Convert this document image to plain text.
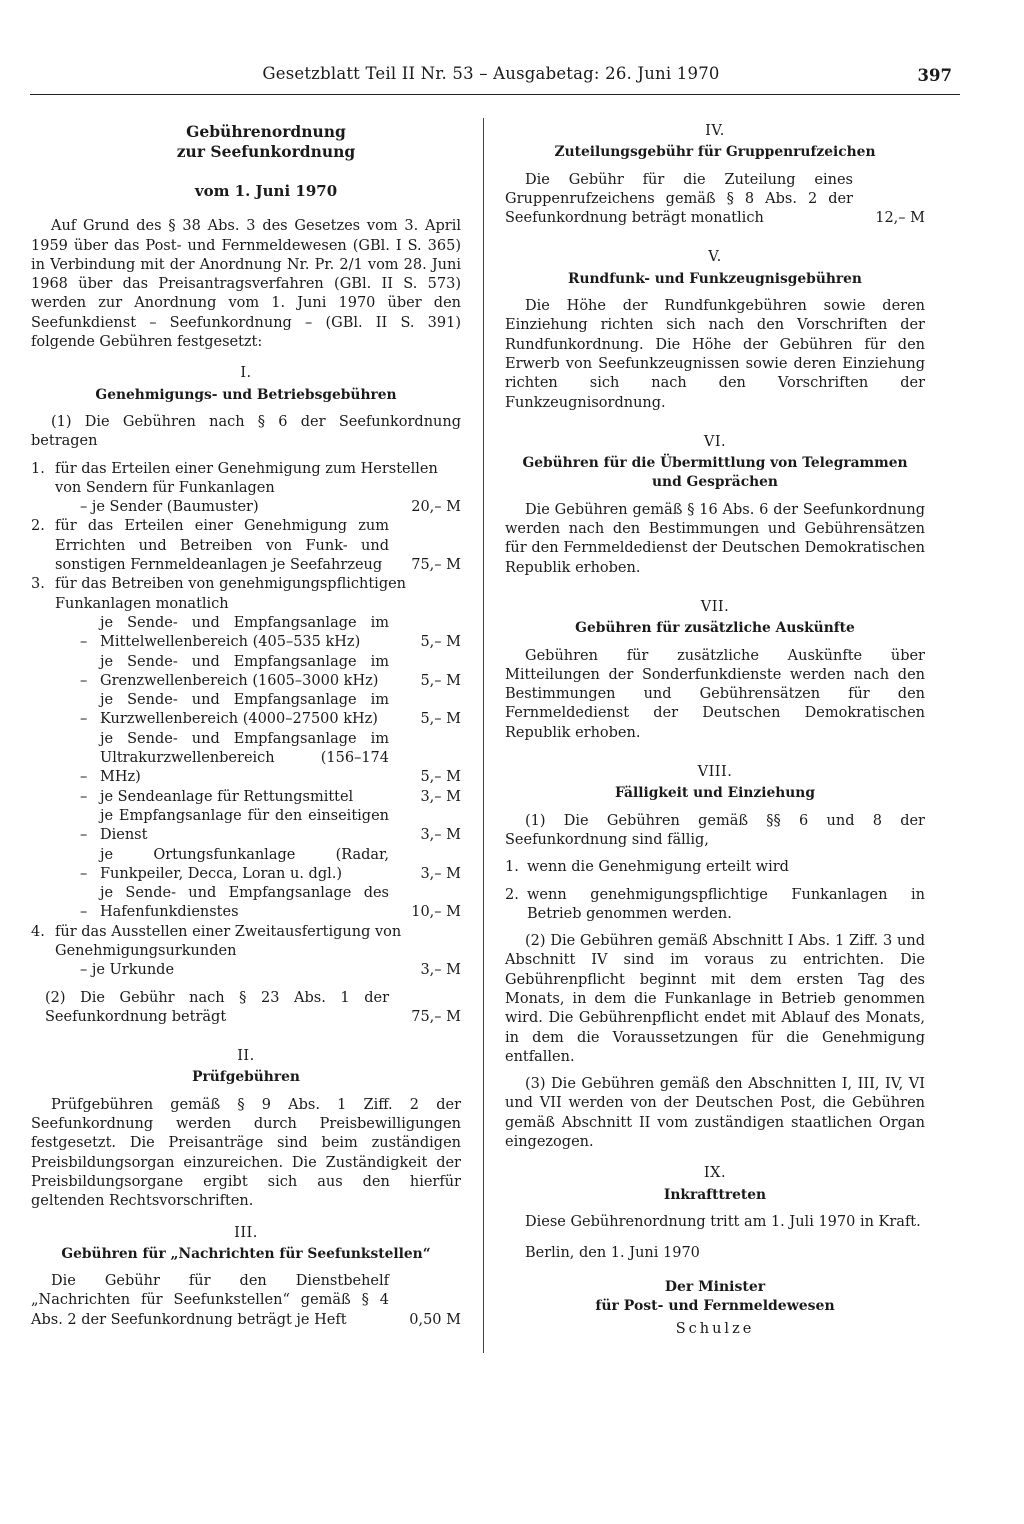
Gesetzblatt Teil II Nr. 53 – Ausgabetag: 26. Juni 1970	397
Gebührenordnung
zur Seefunkordnung
vom 1. Juni 1970

Auf Grund des § 38 Abs. 3 des Gesetzes vom 3. April 1959 über das Post- und Fernmeldewesen (GBl. I S. 365) in Verbindung mit der Anordnung Nr. Pr. 2/1 vom 28. Juni 1968 über das Preisantragsverfahren (GBl. II S. 573) werden zur Anordnung vom 1. Juni 1970 über den Seefunkdienst – Seefunkordnung – (GBl. II S. 391) folgende Gebühren festgesetzt:

I.
Genehmigungs- und Betriebsgebühren

(1) Die Gebühren nach § 6 der Seefunkordnung betragen

1. für das Erteilen einer Genehmigung zum Herstellen von Sendern für Funkanlagen
– je Sender (Baumuster)	20,– M
2. für das Erteilen einer Genehmigung zum Errichten und Betreiben von Funk- und sonstigen Fernmeldeanlagen je Seefahrzeug	75,– M
3. für das Betreiben von genehmigungspflichtigen Funkanlagen monatlich
–
je Sende- und Empfangsanlage im Mittelwellenbereich (405–535 kHz)	5,– M
–
je Sende- und Empfangsanlage im Grenzwellenbereich (1605–3000 kHz)	5,– M
–
je Sende- und Empfangsanlage im Kurzwellenbereich (4000–27500 kHz)	5,– M
–
je Sende- und Empfangsanlage im Ultrakurzwellenbereich (156–174 MHz)	5,– M
– je Sendeanlage für Rettungsmittel	3,– M
–
je Empfangsanlage für den einseitigen Dienst	3,– M
–
je Ortungsfunkanlage (Radar, Funkpeiler, Decca, Loran u. dgl.)	3,– M
–
je Sende- und Empfangsanlage des Hafenfunkdienstes	10,– M
4. für das Ausstellen einer Zweitausfertigung von Genehmigungsurkunden
– je Urkunde	3,– M
(2) Die Gebühr nach § 23 Abs. 1 der Seefunkordnung beträgt	75,– M
II.
Prüfgebühren

Prüfgebühren gemäß § 9 Abs. 1 Ziff. 2 der Seefunkordnung werden durch Preisbewilligungen festgesetzt. Die Preisanträge sind beim zuständigen Preisbildungsorgan einzureichen. Die Zuständigkeit der Preisbildungsorgane ergibt sich aus den hierfür geltenden Rechtsvorschriften.

III.
Gebühren für „Nachrichten für Seefunkstellen“
Die Gebühr für den Dienstbehelf „Nachrichten für Seefunkstellen“ gemäß § 4 Abs. 2 der Seefunkordnung beträgt je Heft	0,50 M
IV.
Zuteilungsgebühr für Gruppenrufzeichen
Die Gebühr für die Zuteilung eines Gruppenrufzeichens gemäß § 8 Abs. 2 der Seefunkordnung beträgt monatlich	12,– M
V.
Rundfunk- und Funkzeugnisgebühren

Die Höhe der Rundfunkgebühren sowie deren Einziehung richten sich nach den Vorschriften der Rundfunkordnung. Die Höhe der Gebühren für den Erwerb von Seefunkzeugnissen sowie deren Einziehung richten sich nach den Vorschriften der Funkzeugnisordnung.

VI.
Gebühren für die Übermittlung von Telegrammen
und Gesprächen

Die Gebühren gemäß § 16 Abs. 6 der Seefunkordnung werden nach den Bestimmungen und Gebührensätzen für den Fernmeldedienst der Deutschen Demokratischen Republik erhoben.

VII.
Gebühren für zusätzliche Auskünfte

Gebühren für zusätzliche Auskünfte über Mitteilungen der Sonderfunkdienste werden nach den Bestimmungen und Gebührensätzen für den Fernmeldedienst der Deutschen Demokratischen Republik erhoben.

VIII.
Fälligkeit und Einziehung

(1) Die Gebühren gemäß §§ 6 und 8 der Seefunkordnung sind fällig,

1. wenn die Genehmigung erteilt wird
2. wenn genehmigungspflichtige Funkanlagen in Betrieb genommen werden.

(2) Die Gebühren gemäß Abschnitt I Abs. 1 Ziff. 3 und Abschnitt IV sind im voraus zu entrichten. Die Gebührenpflicht beginnt mit dem ersten Tag des Monats, in dem die Funkanlage in Betrieb genommen wird. Die Gebührenpflicht endet mit Ablauf des Monats, in dem die Voraussetzungen für die Genehmigung entfallen.

(3) Die Gebühren gemäß den Abschnitten I, III, IV, VI und VII werden von der Deutschen Post, die Gebühren gemäß Abschnitt II vom zuständigen staatlichen Organ eingezogen.

IX.
Inkrafttreten

Diese Gebührenordnung tritt am 1. Juli 1970 in Kraft.

Berlin, den 1. Juni 1970

Der Minister
für Post- und Fernmeldewesen
Schulze
